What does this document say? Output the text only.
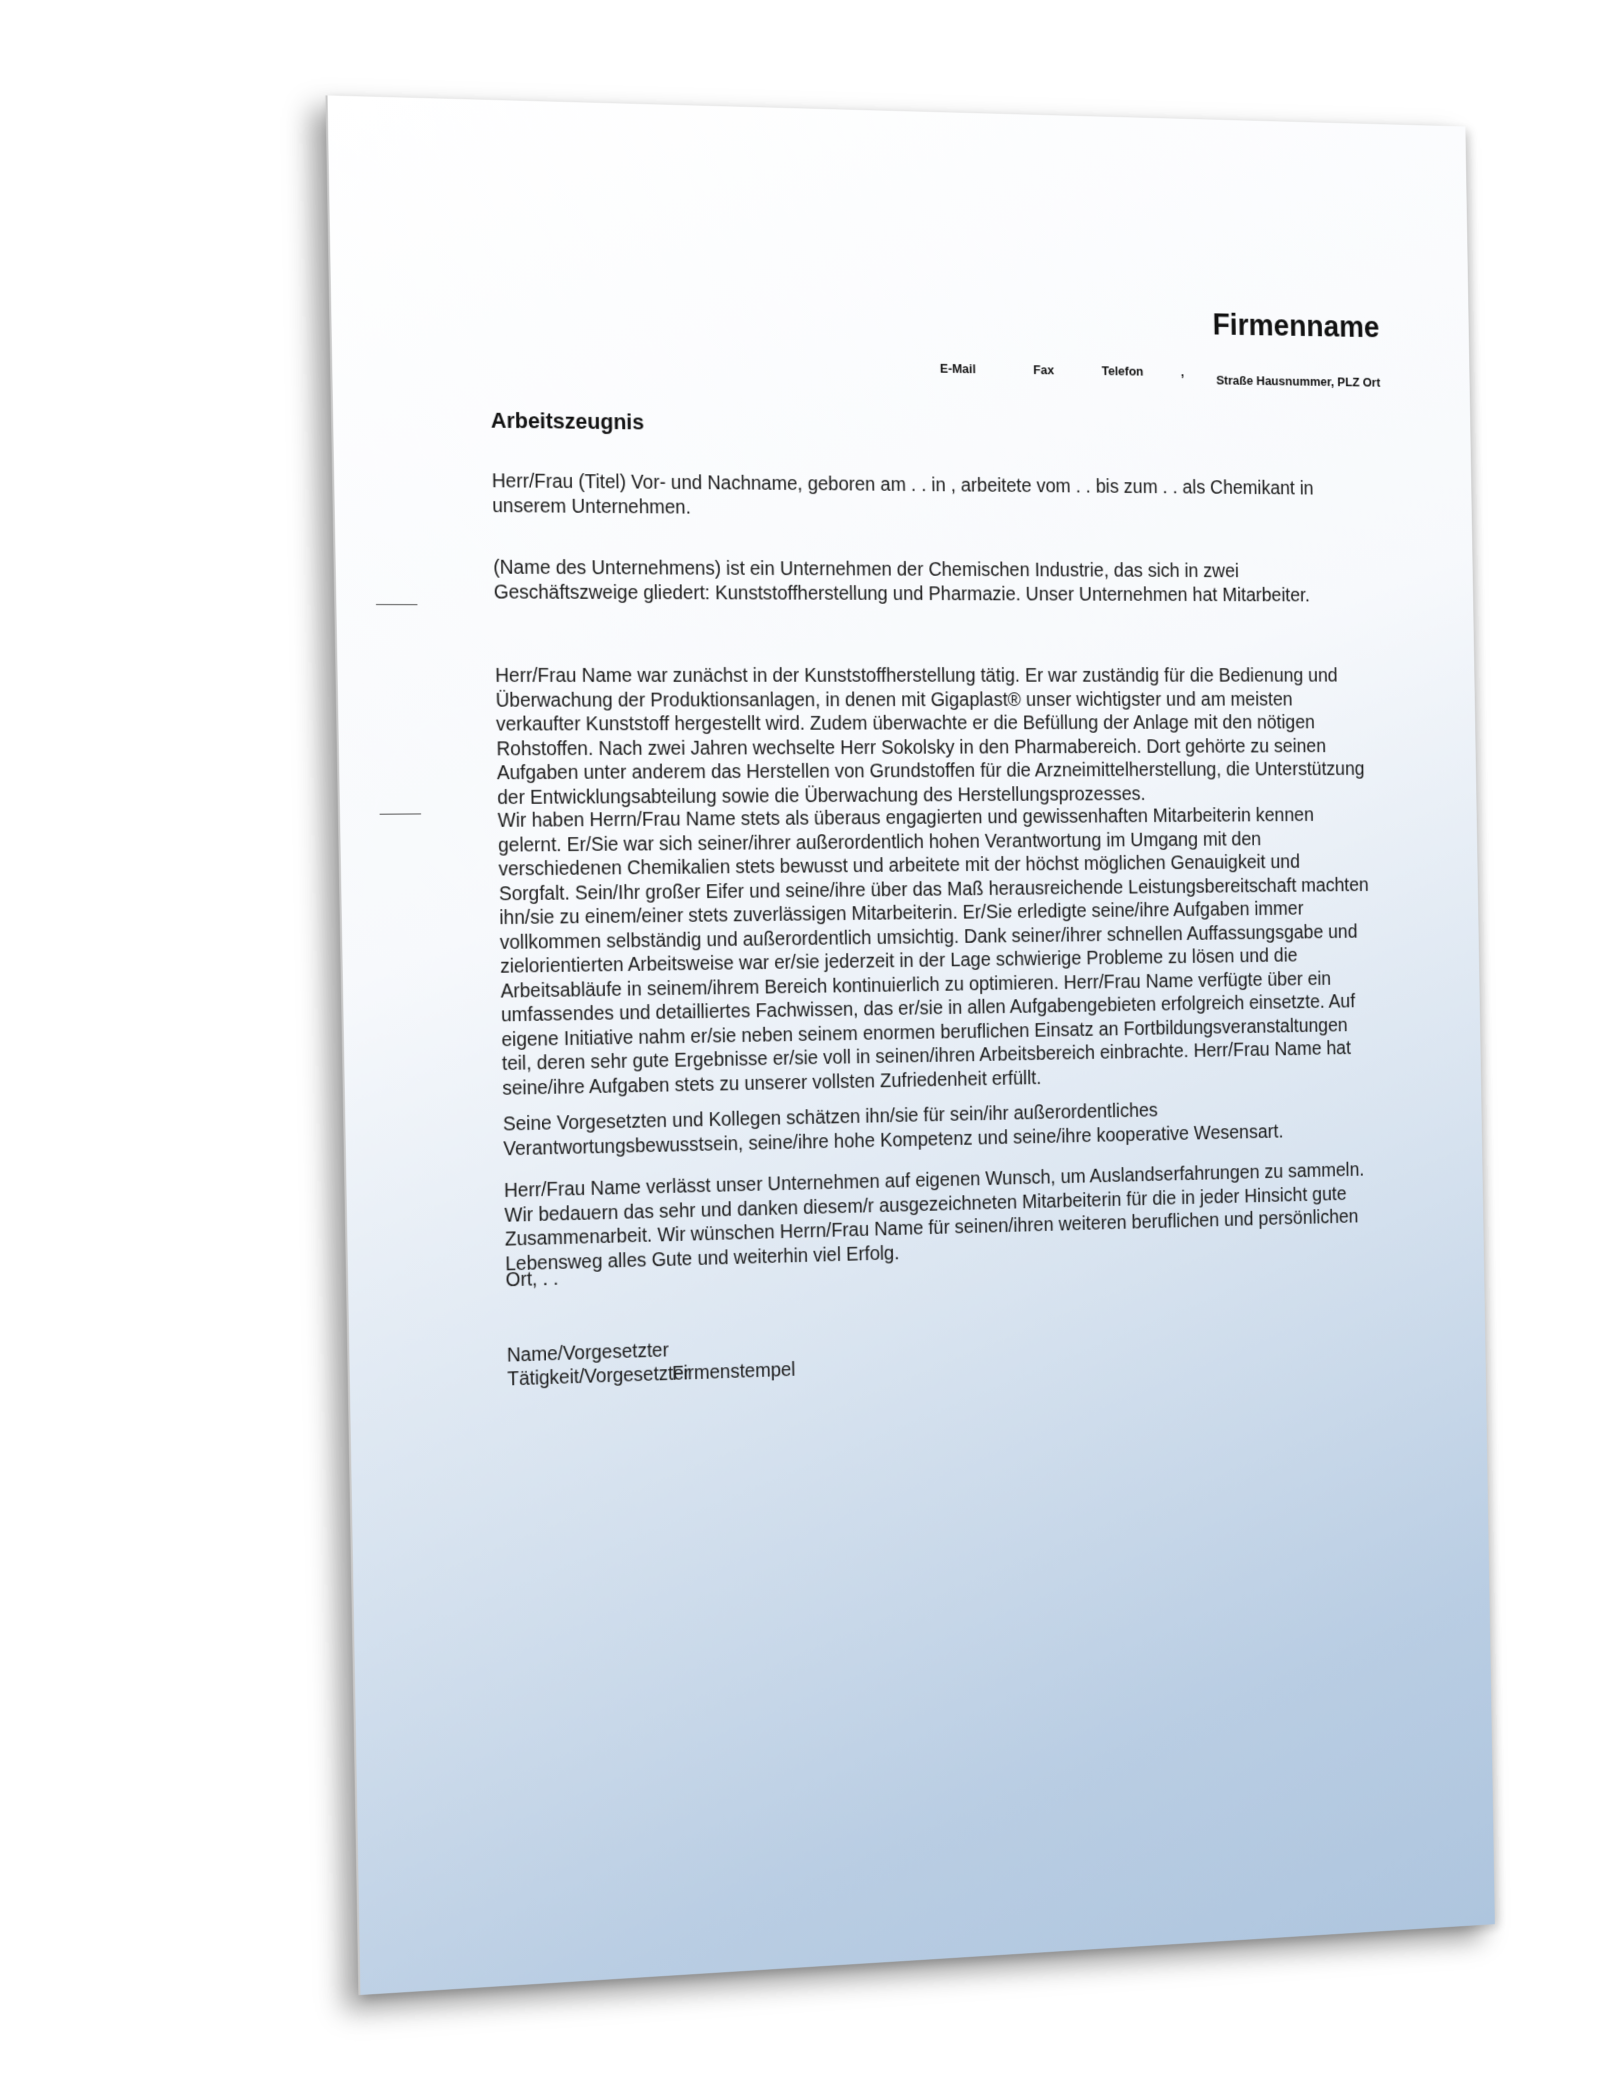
Firmenname
E-Mail	Fax	Telefon	,
Straße Hausnummer, PLZ Ort
Arbeitszeugnis

Herr/Frau (Titel) Vor- und Nachname, geboren am . . in , arbeitete vom . . bis zum . . als Chemikant in unserem Unternehmen.

(Name des Unternehmens) ist ein Unternehmen der Chemischen Industrie, das sich in zwei Geschäftszweige gliedert: Kunststoffherstellung und Pharmazie. Unser Unternehmen hat Mitarbeiter.

Herr/Frau Name war zunächst in der Kunststoffherstellung tätig. Er war zuständig für die Bedienung und Überwachung der Produktionsanlagen, in denen mit Gigaplast® unser wichtigster und am meisten verkaufter Kunststoff hergestellt wird. Zudem überwachte er die Befüllung der Anlage mit den nötigen Rohstoffen. Nach zwei Jahren wechselte Herr Sokolsky in den Pharmabereich. Dort gehörte zu seinen Aufgaben unter anderem das Herstellen von Grundstoffen für die Arzneimittelherstellung, die Unterstützung der Entwicklungsabteilung sowie die Überwachung des Herstellungsprozesses.

Wir haben Herrn/Frau Name stets als überaus engagierten und gewissenhaften Mitarbeiterin kennen gelernt. Er/Sie war sich seiner/ihrer außerordentlich hohen Verantwortung im Umgang mit den verschiedenen Chemikalien stets bewusst und arbeitete mit der höchst möglichen Genauigkeit und Sorgfalt. Sein/Ihr großer Eifer und seine/ihre über das Maß herausreichende Leistungsbereitschaft machten ihn/sie zu einem/einer stets zuverlässigen Mitarbeiterin. Er/Sie erledigte seine/ihre Aufgaben immer vollkommen selbständig und außerordentlich umsichtig. Dank seiner/ihrer schnellen Auffassungsgabe und zielorientierten Arbeitsweise war er/sie jederzeit in der Lage schwierige Probleme zu lösen und die Arbeitsabläufe in seinem/ihrem Bereich kontinuierlich zu optimieren. Herr/Frau Name verfügte über ein umfassendes und detailliertes Fachwissen, das er/sie in allen Aufgabengebieten erfolgreich einsetzte. Auf eigene Initiative nahm er/sie neben seinem enormen beruflichen Einsatz an Fortbildungsveranstaltungen teil, deren sehr gute Ergebnisse er/sie voll in seinen/ihren Arbeitsbereich einbrachte. Herr/Frau Name hat seine/ihre Aufgaben stets zu unserer vollsten Zufriedenheit erfüllt.

Seine Vorgesetzten und Kollegen schätzen ihn/sie für sein/ihr außerordentliches Verantwortungsbewusstsein, seine/ihre hohe Kompetenz und seine/ihre kooperative Wesensart.

Herr/Frau Name verlässt unser Unternehmen auf eigenen Wunsch, um Auslandserfahrungen zu sammeln. Wir bedauern das sehr und danken diesem/r ausgezeichneten Mitarbeiterin für die in jeder Hinsicht gute Zusammenarbeit. Wir wünschen Herrn/Frau Name für seinen/ihren weiteren beruflichen und persönlichen Lebensweg alles Gute und weiterhin viel Erfolg.

Ort, . .
Name/Vorgesetzter
Tätigkeit/Vorgesetzter
Firmenstempel
